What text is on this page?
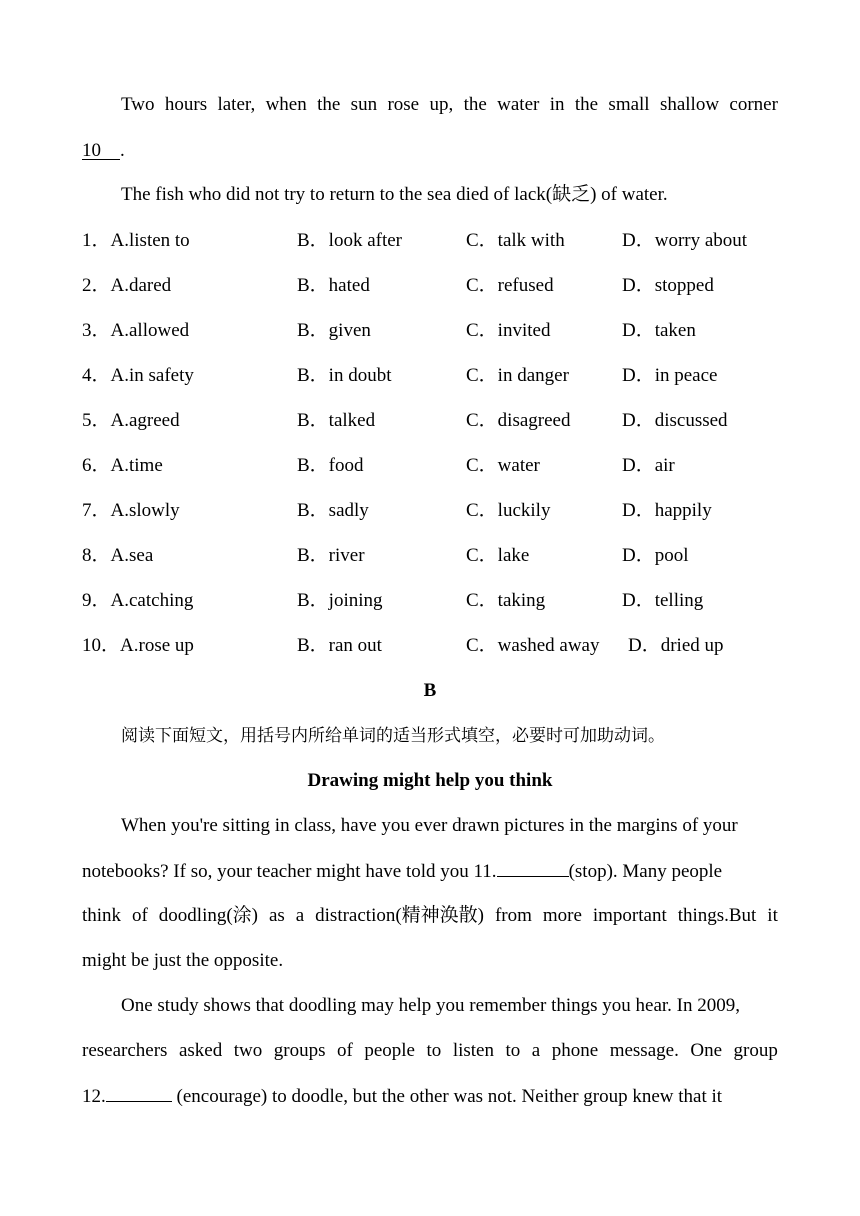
Two hours later, when the sun rose up, the water in the small shallow corner
10 .
The fish who did not try to return to the sea died of lack(缺乏) of water.
1．A.listen to	B．look after	C．talk with	D．worry about
2．A.dared	B．hated	C．refused	D．stopped
3．A.allowed	B．given	C．invited	D．taken
4．A.in safety	B．in doubt	C．in danger	D．in peace
5．A.agreed	B．talked	C．disagreed	D．discussed
6．A.time	B．food	C．water	D．air
7．A.slowly	B．sadly	C．luckily	D．happily
8．A.sea	B．river	C．lake	D．pool
9．A.catching	B．joining	C．taking	D．telling
10．A.rose up	B．ran out	C．washed away D．dried up
B
阅读下面短文，用括号内所给单词的适当形式填空，必要时可加助动词。
Drawing might help you think
When you're sitting in class, have you ever drawn pictures in the margins of your
notebooks? If so, your teacher might have told you 11.	(stop). Many people
think of doodling(涂) as a distraction(精神涣散) from more important things.But it
might be just the opposite.
One study shows that doodling may help you remember things you hear. In 2009,
researchers asked two groups of people to listen to a phone message. One group
12.	(encourage) to doodle, but the other was not. Neither group knew that it
